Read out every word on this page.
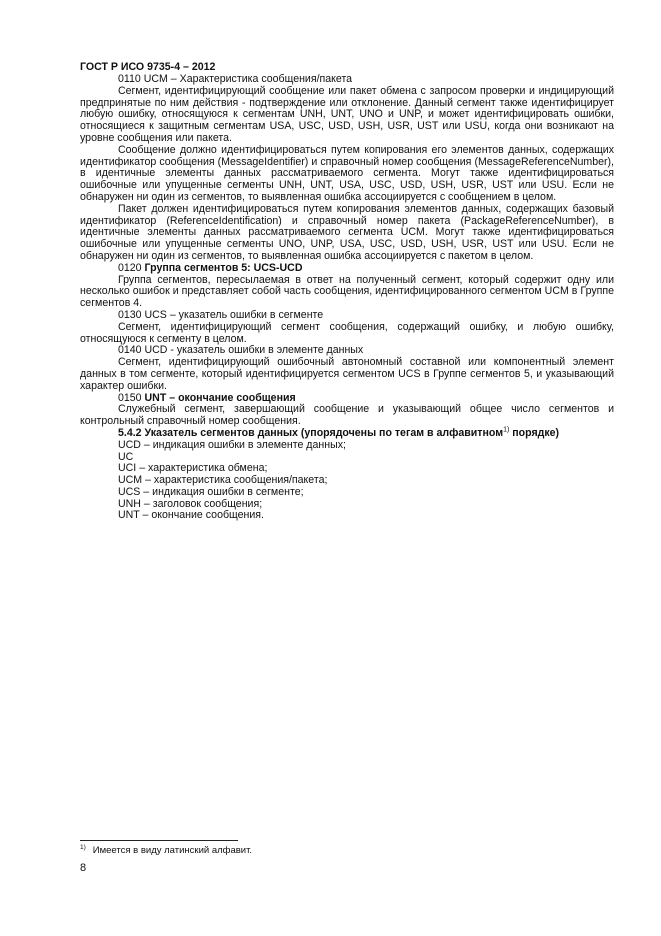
ГОСТ Р ИСО 9735-4 – 2012

0110 UCM – Характеристика сообщения/пакета

Сегмент, идентифицирующий сообщение или пакет обмена с запросом проверки и индицирующий предпринятые по ним действия - подтверждение или отклонение. Данный сегмент также идентифицирует любую ошибку, относящуюся к сегментам UNH, UNT, UNO и UNP, и может идентифицировать ошибки, относящиеся к защитным сегментам USA, USC, USD, USH, USR, UST или USU, когда они возникают на уровне сообщения или пакета.

Сообщение должно идентифицироваться путем копирования его элементов данных, содержащих идентификатор сообщения (MessageIdentifier) и справочный номер сообщения (MessageReferenceNumber), в идентичные элементы данных рассматриваемого сегмента. Могут также идентифицироваться ошибочные или упущенные сегменты UNH, UNT, USA, USC, USD, USH, USR, UST или USU. Если не обнаружен ни один из сегментов, то выявленная ошибка ассоциируется с сообщением в целом.

Пакет должен идентифицироваться путем копирования элементов данных, содержащих базовый идентификатор (ReferenceIdentification) и справочный номер пакета (PackageReferenceNumber), в идентичные элементы данных рассматриваемого сегмента UCM. Могут также идентифицироваться ошибочные или упущенные сегменты UNO, UNP, USA, USC, USD, USH, USR, UST или USU. Если не обнаружен ни один из сегментов, то выявленная ошибка ассоциируется с пакетом в целом.

0120 Группа сегментов 5: UCS-UCD

Группа сегментов, пересылаемая в ответ на полученный сегмент, который содержит одну или несколько ошибок и представляет собой часть сообщения, идентифицированного сегментом UCM в Группе сегментов 4.

0130 UCS – указатель ошибки в сегменте

Сегмент, идентифицирующий сегмент сообщения, содержащий ошибку, и любую ошибку, относящуюся к сегменту в целом.

0140 UCD - указатель ошибки в элементе данных

Сегмент, идентифицирующий ошибочный автономный составной или компонентный элемент данных в том сегменте, который идентифицируется сегментом UCS в Группе сегментов 5, и указывающий характер ошибки.

0150 UNT – окончание сообщения

Служебный сегмент, завершающий сообщение и указывающий общее число сегментов и контрольный справочный номер сообщения.

5.4.2 Указатель сегментов данных (упорядочены по тегам в алфавитном$^{1)}$ порядке)

UCD – индикация ошибки в элементе данных;

UC

UCI – характеристика обмена;

UCM – характеристика сообщения/пакета;

UCS – индикация ошибки в сегменте;

UNH – заголовок сообщения;

UNT – окончание сообщения.

$^{1)}$ Имеется в виду латинский алфавит.
8
